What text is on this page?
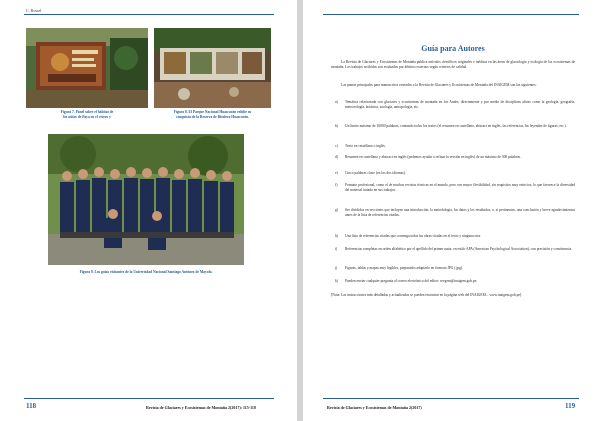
C. Rossel
Figura 7. Panel sobre el hábitat de
los ositos de Paya en el vivero y
Figura 8. El Parque Nacional Huascarán exhibe su
conquista de la Reserva de Biósfera Huascarán.
Figura 9. Los guías visitantes de la Universidad Nacional Santiago Antúnez de Mayolo.
118	Revista de Glaciares y Ecosistemas de Montaña 2(2017): 115-118
Guía para Autores
La Revista de Glaciares y Ecosistemas de Montaña publica artículos científicos originales e inéditos en las áreas de glaciología y ecología de los ecosistemas de montaña. Los trabajos recibidos son evaluados por árbitros externos según criterios de calidad.
Las pautas principales para manuscritos enviados a la Revista de Glaciares y Ecosistemas de Montaña del INAIGEM son las siguientes:
a) Temática relacionada con glaciares y ecosistemas de montaña en los Andes, directamente y por medio de disciplinas afines como la geología, geografía, meteorología, botánica, zoología, antropología, etc.
b) Un límite máximo de 10000 palabras, contando todos los textos (el resumen en castellano, abstract en inglés, las referencias, las leyendas de figuras, etc.).
c) Texto en castellano o inglés.
d) Resumen en castellano y abstract en inglés (podemos ayudar a refinar la versión en inglés) de un máximo de 300 palabras.
e) Cinco palabras clave (en los dos idiomas).
f) Formato profesional, como el de muchas revistas técnicas en el mundo, pero con mayor flexibilidad, sin requisitos muy estrictos, lo que favorece la diversidad del material tratado en sus trabajos.
g) Ser divididos en secciones que incluyen una introducción, la metodología, los datos y los resultados, o, si pertinentes, una conclusión y breve agradecimientos antes de la lista de referencias citadas.
h) Una lista de referencias citadas que contenga todas las obras citadas en el texto y ninguna otra.
i) Referencias completas en orden alfabético por el apellido del primer autor, en estilo APA (American Psychological Association), con precisión y consistencia.
j) Figuras, tablas y mapas muy legibles, preparados adaptarlo en formato JPG (.jpg).
k) Pueden enviar cualquier pregunta al correo electrónico del editor: revgem@inaigem.gob.pe.
[Nota: Las instrucciones más detalladas y actualizadas se pueden encontrar en la página web del INAIGEM – www.inaigem.gob.pe].
Revista de Glaciares y Ecosistemas de Montaña 2(2017)	119
